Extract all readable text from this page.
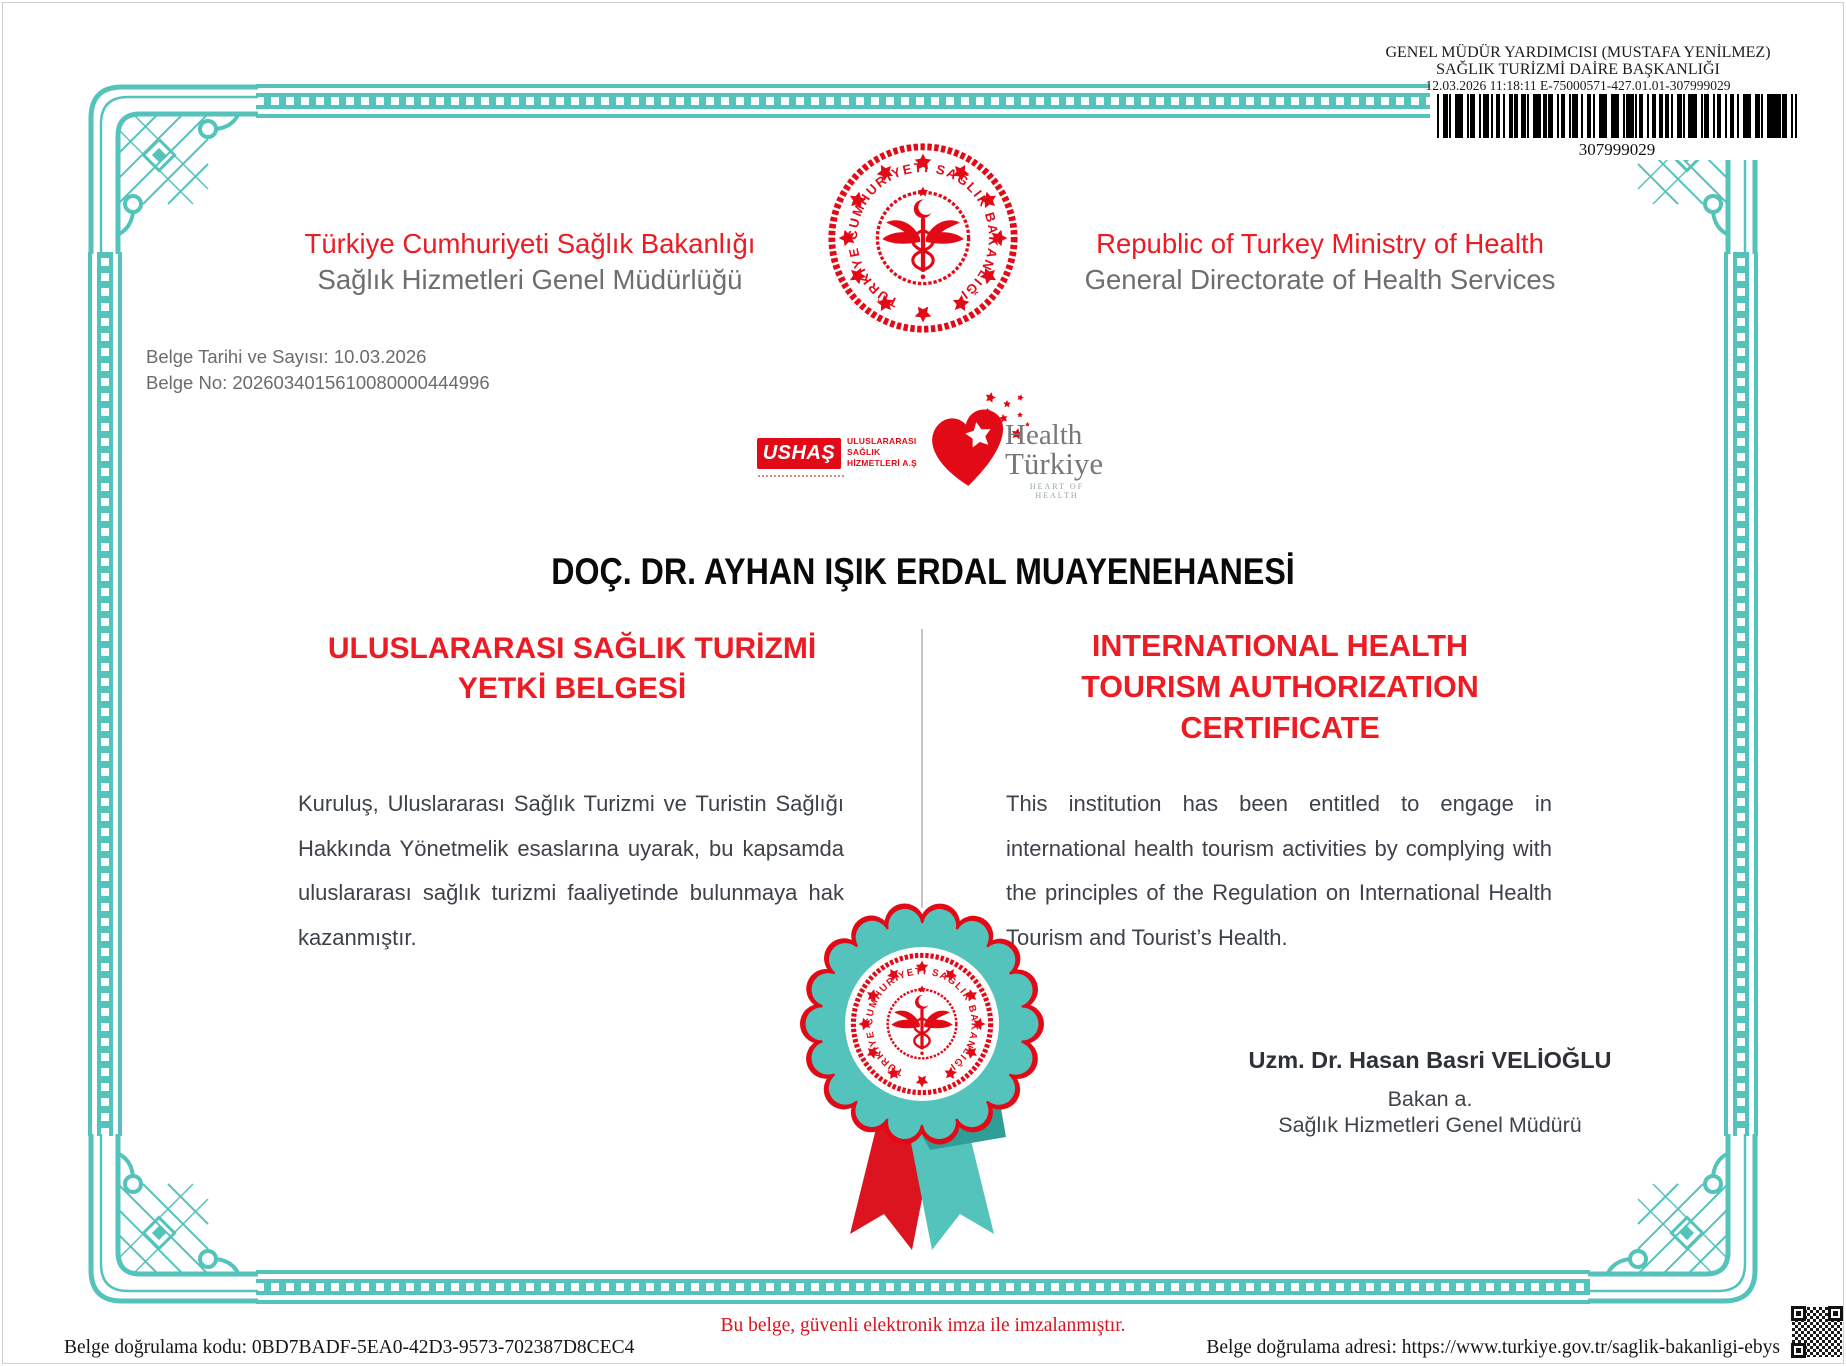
GENEL MÜDÜR YARDIMCISI (MUSTAFA YENİLMEZ)
SAĞLIK TURİZMİ DAİRE BAŞKANLIĞI
12.03.2026 11:18:11 E-75000571-427.01.01-307999029
307999029
Türkiye Cumhuriyeti Sağlık Bakanlığı
Sağlık Hizmetleri Genel Müdürlüğü
Republic of Turkey Ministry of Health
General Directorate of Health Services
Belge Tarihi ve Sayısı: 10.03.2026
Belge No: 2026034015610080000444996
USHAŞ
ULUSLARARASI
SAĞLIK
HİZMETLERİ A.Ş
Health
Türkiye
HEART OF
HEALTH
DOÇ. DR. AYHAN IŞIK ERDAL MUAYENEHANESİ
ULUSLARARASI SAĞLIK TURİZMİ
YETKİ BELGESİ
INTERNATIONAL HEALTH
TOURISM AUTHORIZATION
CERTIFICATE
Kuruluş, Uluslararası Sağlık Turizmi ve Turistin Sağlığı Hakkında Yönetmelik esaslarına uyarak, bu kapsamda uluslararası sağlık turizmi faaliyetinde bulunmaya hak kazanmıştır.
This institution has been entitled to engage in international health tourism activities by complying with the principles of the Regulation on International Health Tourism and Tourist’s Health.
Uzm. Dr. Hasan Basri VELİOĞLU
Bakan a.
Sağlık Hizmetleri Genel Müdürü
Bu belge, güvenli elektronik imza ile imzalanmıştır.
Belge doğrulama kodu: 0BD7BADF-5EA0-42D3-9573-702387D8CEC4	Belge doğrulama adresi: https://www.turkiye.gov.tr/saglik-bakanligi-ebys
